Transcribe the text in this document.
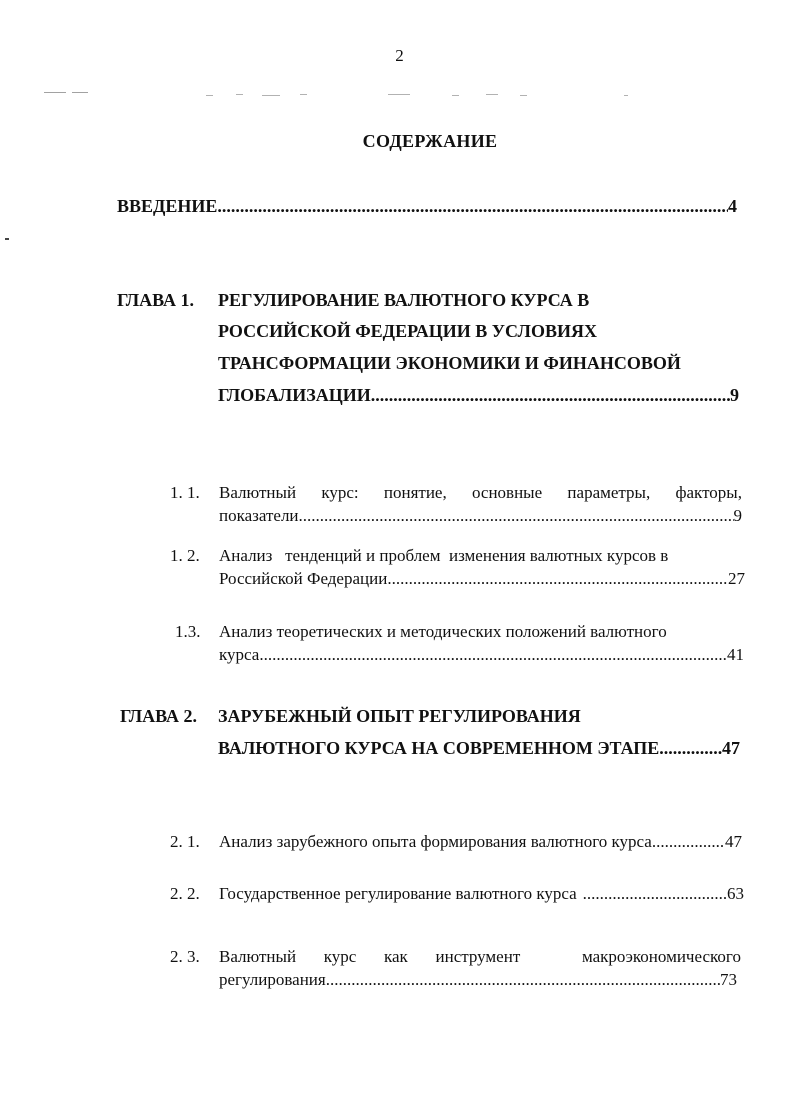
2
СОДЕРЖАНИЕ
ВВЕДЕНИЕ .....	4
ГЛАВА 1. РЕГУЛИРОВАНИЕ ВАЛЮТНОГО КУРСА В
РОССИЙСКОЙ ФЕДЕРАЦИИ В УСЛОВИЯХ
ТРАНСФОРМАЦИИ ЭКОНОМИКИ И ФИНАНСОВОЙ
ГЛОБАЛИЗАЦИИ .....	9
1. 1. Валютный курс: понятие, основные параметры, факторы,
показатели .....	9
1. 2. Анализ   тенденций и проблем  изменения валютных курсов в
Российской Федерации .....	27
1.3. Анализ теоретических и методических положений валютного
курса .....	41
ГЛАВА 2. ЗАРУБЕЖНЫЙ ОПЫТ РЕГУЛИРОВАНИЯ
ВАЛЮТНОГО КУРСА НА СОВРЕМЕННОМ ЭТАПЕ .....	47
2. 1. Анализ зарубежного опыта формирования валютного курса .....	47
2. 2. Государственное регулирование валютного курса .....	63
2. 3. Валютный курс как инструмент	макроэкономического
регулирования .....	73
